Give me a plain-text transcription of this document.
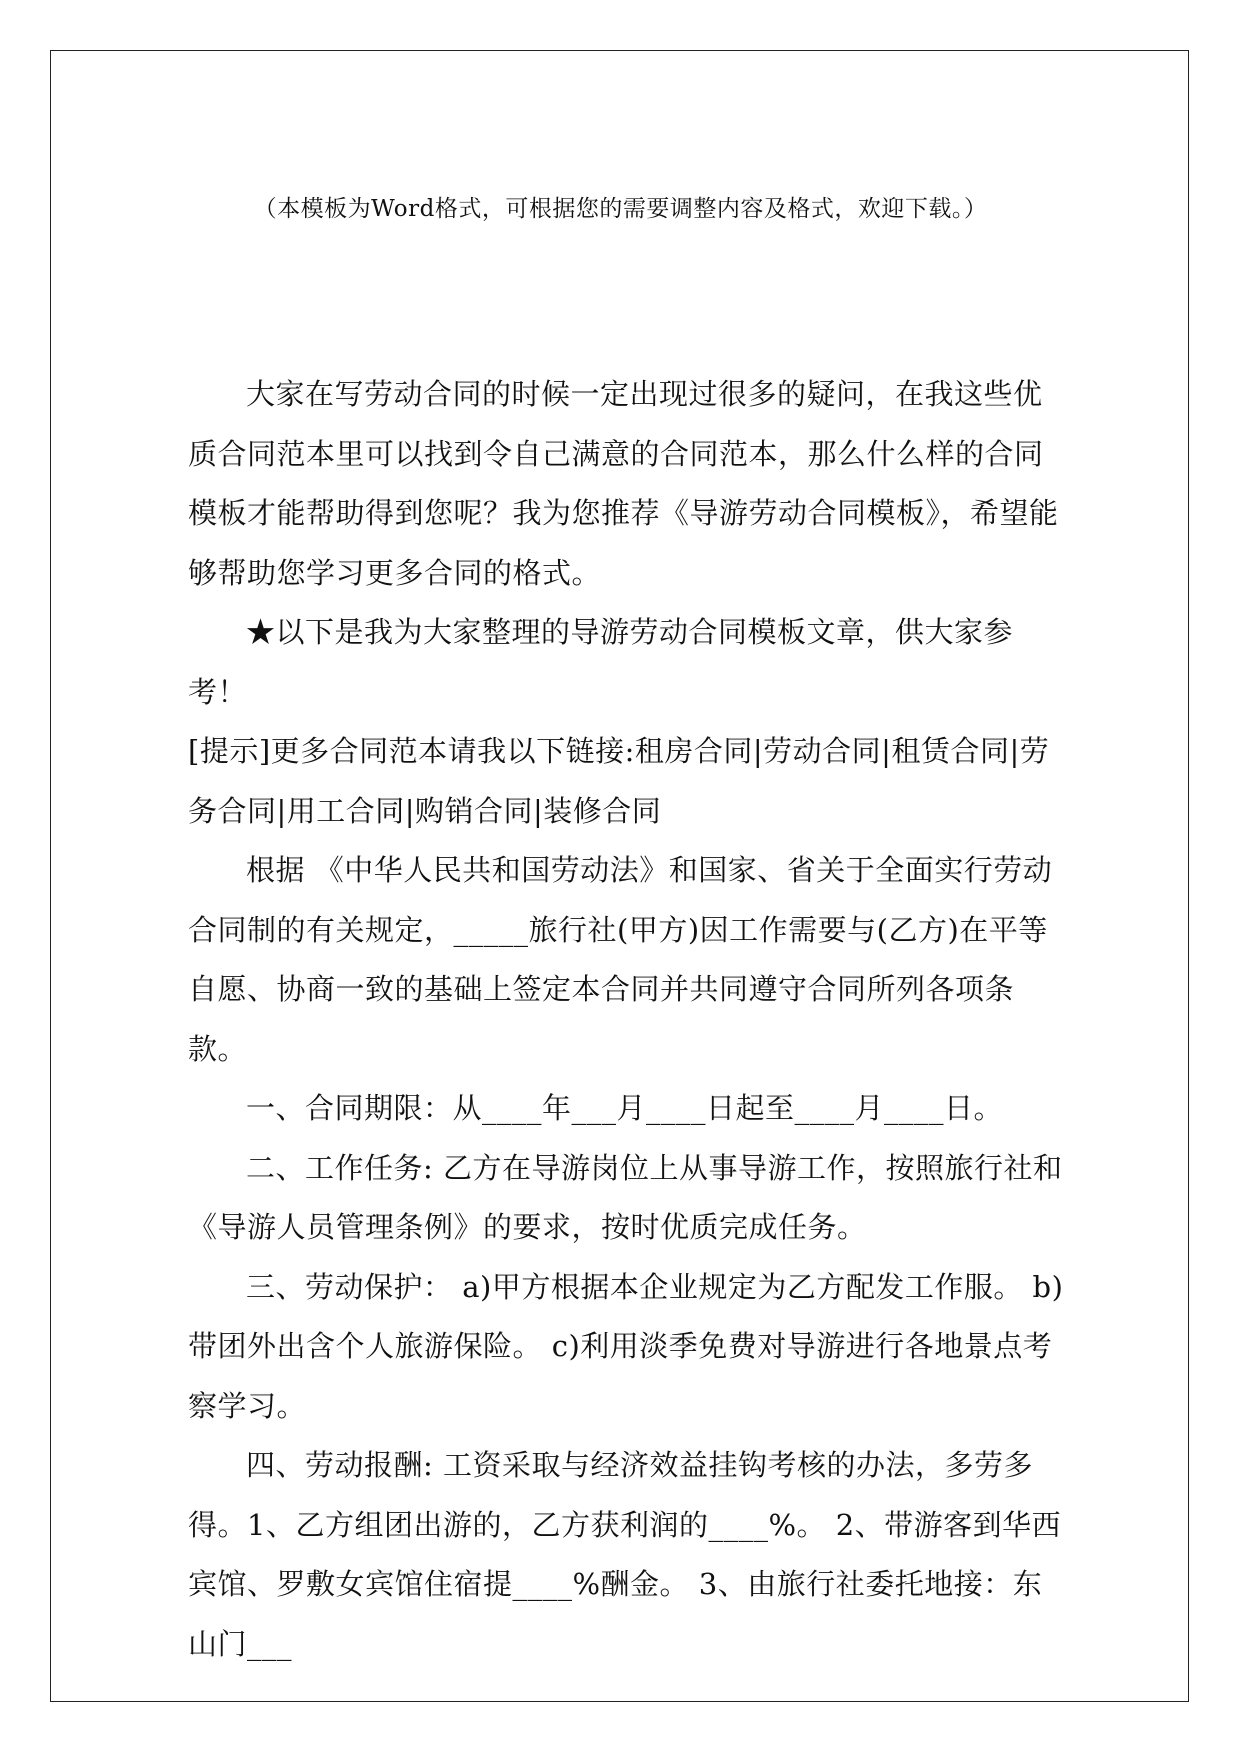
（本模板为Word格式，可根据您的需要调整内容及格式，欢迎下载。）

大家在写劳动合同的时候一定出现过很多的疑问，在我这些优质合同范本里可以找到令自己满意的合同范本，那么什么样的合同模板才能帮助得到您呢？我为您推荐《导游劳动合同模板》，希望能够帮助您学习更多合同的格式。

★以下是我为大家整理的导游劳动合同模板文章，供大家参考！

[提示]更多合同范本请我以下链接:租房合同|劳动合同|租赁合同|劳务合同|用工合同|购销合同|装修合同

根据 《中华人民共和国劳动法》和国家、省关于全面实行劳动合同制的有关规定，_____旅行社(甲方)因工作需要与(乙方)在平等自愿、协商一致的基础上签定本合同并共同遵守合同所列各项条款。

一、合同期限：从____年___月____日起至____月____日。

二、工作任务: 乙方在导游岗位上从事导游工作，按照旅行社和《导游人员管理条例》的要求，按时优质完成任务。

三、劳动保护： a)甲方根据本企业规定为乙方配发工作服。 b)带团外出含个人旅游保险。 c)利用淡季免费对导游进行各地景点考察学习。

四、劳动报酬: 工资采取与经济效益挂钩考核的办法，多劳多得。1、乙方组团出游的，乙方获利润的____%。 2、带游客到华西宾馆、罗敷女宾馆住宿提____%酬金。 3、由旅行社委托地接：东山门___
